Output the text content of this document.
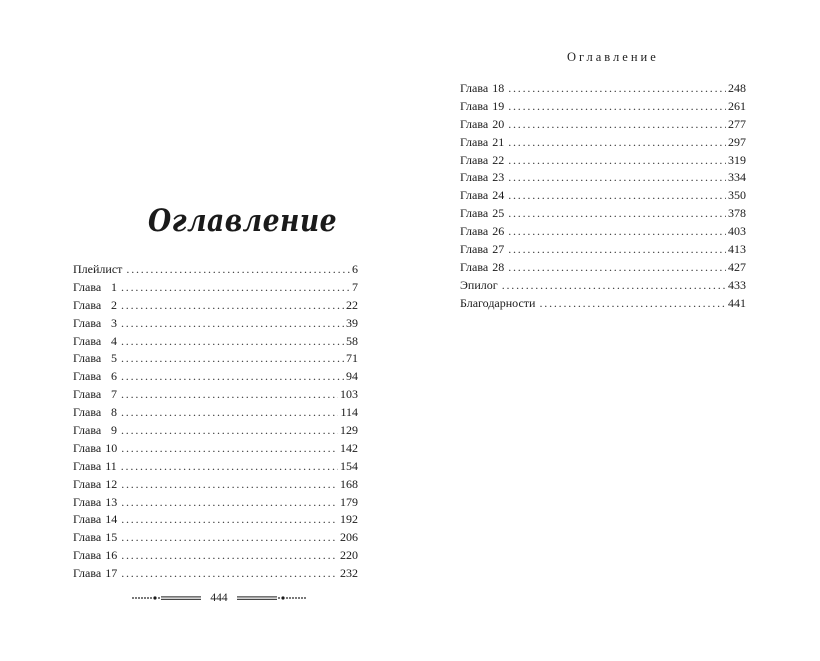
Оглавление
Плейлист . . .	6
Глава 1 . . .	7
Глава 2 . . .	22
Глава 3 . . .	39
Глава 4 . . .	58
Глава 5 . . .	71
Глава 6 . . .	94
Глава 7 . . .	103
Глава 8 . . .	114
Глава 9 . . .	129
Глава 10 . . .	142
Глава 11 . . .	154
Глава 12 . . .	168
Глава 13 . . .	179
Глава 14 . . .	192
Глава 15 . . .	206
Глава 16 . . .	220
Глава 17 . . .	232
444
Оглавление
Глава 18 . . .	248
Глава 19 . . .	261
Глава 20 . . .	277
Глава 21 . . .	297
Глава 22 . . .	319
Глава 23 . . .	334
Глава 24 . . .	350
Глава 25 . . .	378
Глава 26 . . .	403
Глава 27 . . .	413
Глава 28 . . .	427
Эпилог . . .	433
Благодарности . . .	441
